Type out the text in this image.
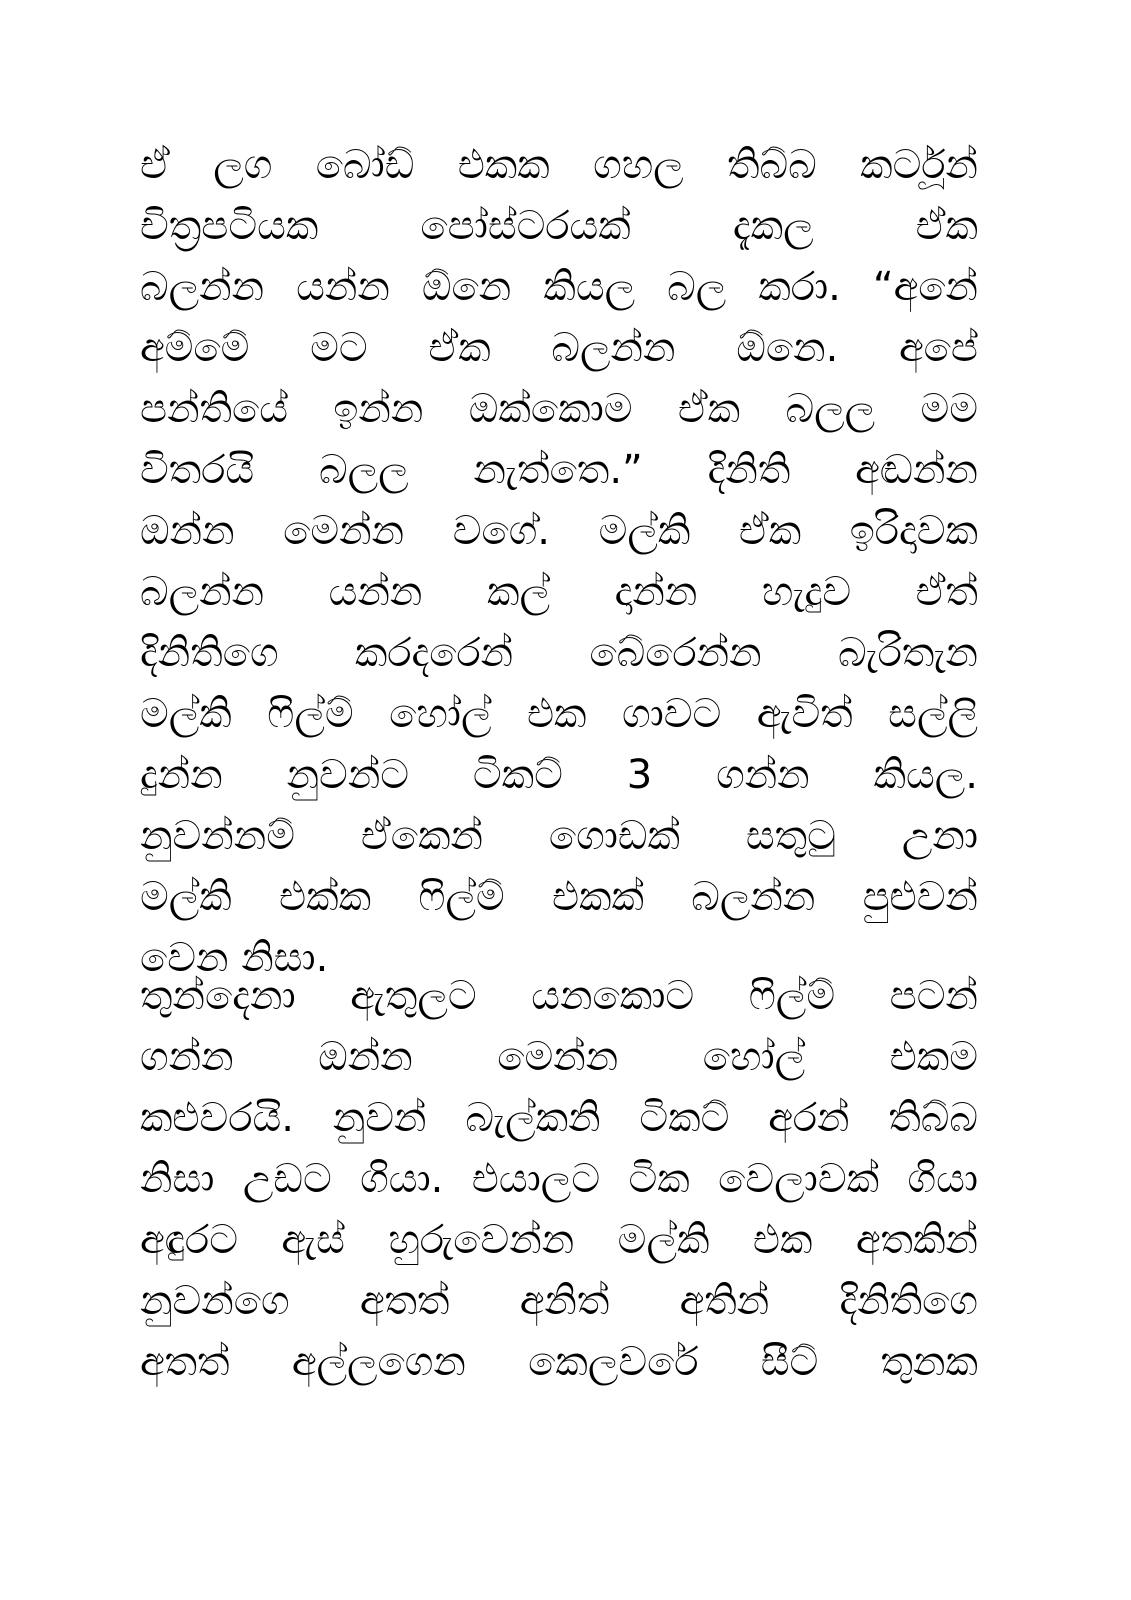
ඒ ලග බෝඩ් එකක ගහල තිබ්බ කර්ටූන්
චිත්‍රපටියක පෝස්ටරයක් දැකල ඒක
බලන්න යන්න ඕනෙ කියල බල කරා. “අනේ
අම්මේ මට ඒක බලන්න ඕනෙ. අපේ
පන්තියේ ඉන්න ඔක්කොම ඒක බලල මම
විතරයි බලල නැත්තෙ.” දිනිති අඬන්න
ඔන්න මෙන්න වගේ. මල්කි ඒක ඉරිදාවක
බලන්න යන්න කල් දාන්න හැදුව ඒත්
දිනිතිගෙ කරදරෙන් බේරෙන්න බැරිතැන
මල්කි ෆිල්ම් හෝල් එක ගාවට ඇවිත් සල්ලි
දුන්න නුවන්ට ටිකට් 3 ගන්න කියල.
නුවන්නම් ඒකෙන් ගොඩක් සතුටු උනා
මල්කි එක්ක ෆිල්ම් එකක් බලන්න පුළුවන්
වෙන නිසා.
තුන්දෙනා ඇතුලට යනකොට ෆිල්ම් පටන්
ගන්න ඔන්න මෙන්න හෝල් එකම
කළුවරයි. නුවන් බැල්කනි ටිකට් අරන් තිබ්බ
නිසා උඩට ගියා. එයාලට ටික වෙලාවක් ගියා
අඳුරට ඇස් හුරුවෙන්න මල්කි එක අතකින්
නුවන්ගෙ අතත් අනිත් අතින් දිනිතිගෙ
අතත් අල්ලගෙන කෙලවරේ සීට් තුනක
